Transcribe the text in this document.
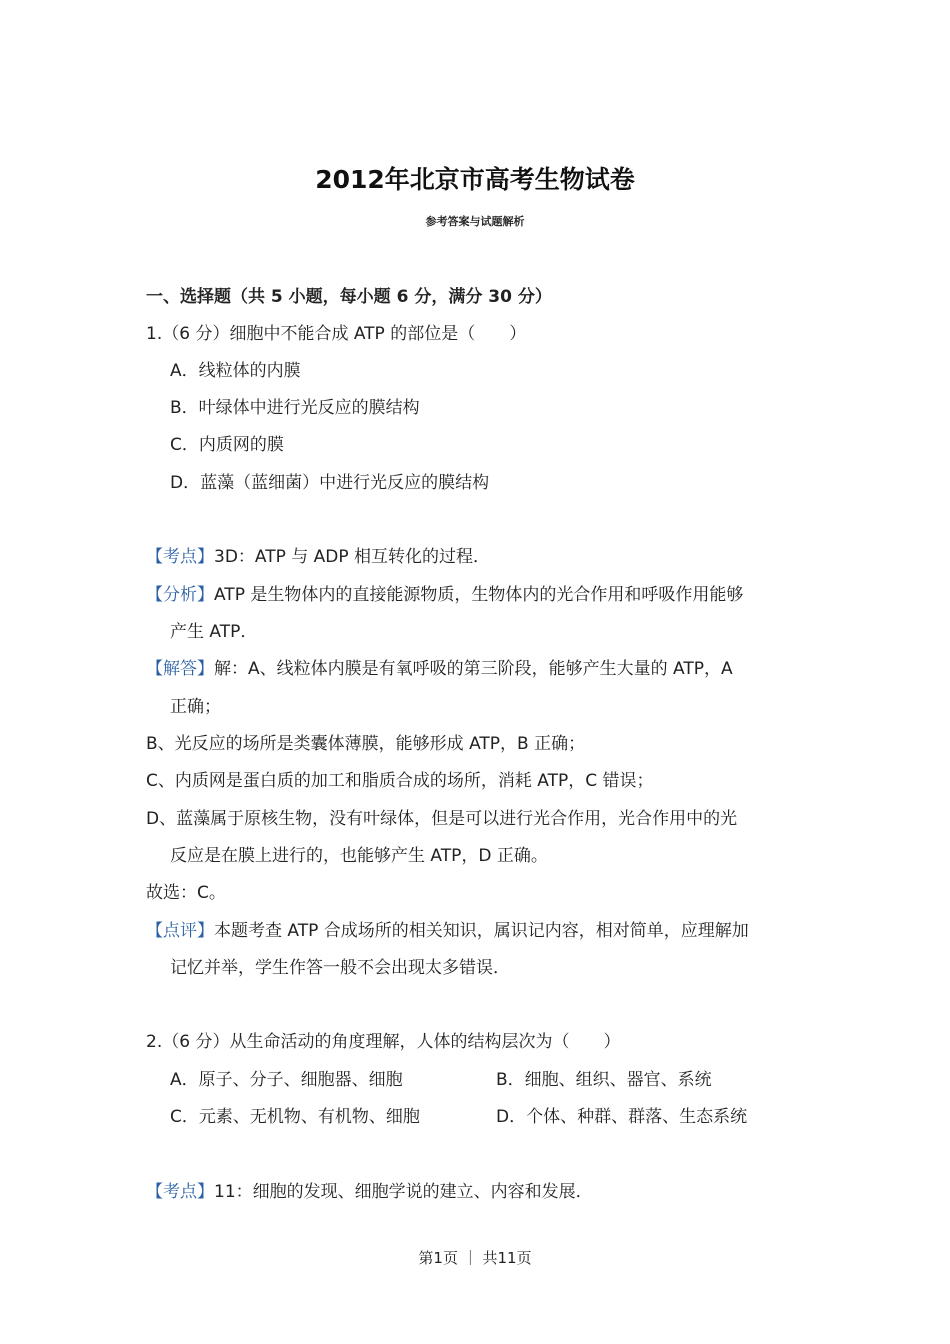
2012年北京市高考生物试卷
参考答案与试题解析
一、选择题（共 5 小题，每小题 6 分，满分 30 分）
1.（6 分）细胞中不能合成 ATP 的部位是（　　）
A．线粒体的内膜
B．叶绿体中进行光反应的膜结构
C．内质网的膜
D．蓝藻（蓝细菌）中进行光反应的膜结构
【考点】3D：ATP 与 ADP 相互转化的过程．
【分析】ATP 是生物体内的直接能源物质，生物体内的光合作用和呼吸作用能够
产生 ATP．
【解答】解：A、线粒体内膜是有氧呼吸的第三阶段，能够产生大量的 ATP，A
正确；
B、光反应的场所是类囊体薄膜，能够形成 ATP，B 正确；
C、内质网是蛋白质的加工和脂质合成的场所，消耗 ATP，C 错误；
D、蓝藻属于原核生物，没有叶绿体，但是可以进行光合作用，光合作用中的光
反应是在膜上进行的，也能够产生 ATP，D 正确。
故选：C。
【点评】本题考查 ATP 合成场所的相关知识，属识记内容，相对简单，应理解加
记忆并举，学生作答一般不会出现太多错误．
2.（6 分）从生命活动的角度理解，人体的结构层次为（　　）
A．原子、分子、细胞器、细胞	B．细胞、组织、器官、系统
C．元素、无机物、有机物、细胞	D．个体、种群、群落、生态系统
【考点】11：细胞的发现、细胞学说的建立、内容和发展．
第1页 ｜ 共11页
